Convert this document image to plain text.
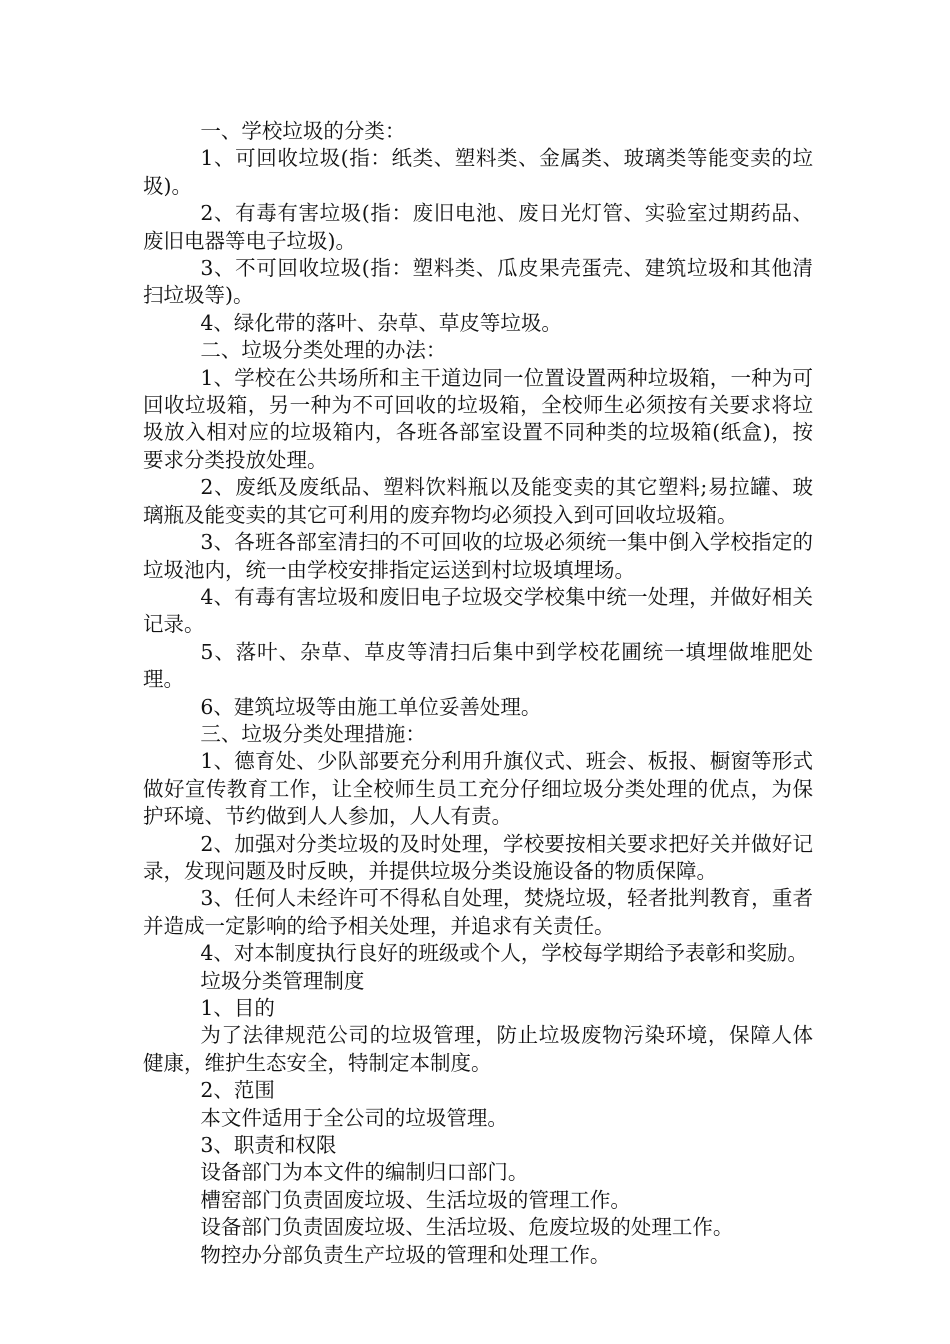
一、学校垃圾的分类：

1、可回收垃圾(指：纸类、塑料类、金属类、玻璃类等能变卖的垃圾)。

2、有毒有害垃圾(指：废旧电池、废日光灯管、实验室过期药品、废旧电器等电子垃圾)。

3、不可回收垃圾(指：塑料类、瓜皮果壳蛋壳、建筑垃圾和其他清扫垃圾等)。

4、绿化带的落叶、杂草、草皮等垃圾。

二、垃圾分类处理的办法：

1、学校在公共场所和主干道边同一位置设置两种垃圾箱，一种为可回收垃圾箱，另一种为不可回收的垃圾箱，全校师生必须按有关要求将垃圾放入相对应的垃圾箱内，各班各部室设置不同种类的垃圾箱(纸盒)，按要求分类投放处理。

2、废纸及废纸品、塑料饮料瓶以及能变卖的其它塑料;易拉罐、玻璃瓶及能变卖的其它可利用的废弃物均必须投入到可回收垃圾箱。

3、各班各部室清扫的不可回收的垃圾必须统一集中倒入学校指定的垃圾池内，统一由学校安排指定运送到村垃圾填埋场。

4、有毒有害垃圾和废旧电子垃圾交学校集中统一处理，并做好相关记录。

5、落叶、杂草、草皮等清扫后集中到学校花圃统一填埋做堆肥处理。

6、建筑垃圾等由施工单位妥善处理。

三、垃圾分类处理措施：

1、德育处、少队部要充分利用升旗仪式、班会、板报、橱窗等形式做好宣传教育工作，让全校师生员工充分仔细垃圾分类处理的优点，为保护环境、节约做到人人参加，人人有责。

2、加强对分类垃圾的及时处理，学校要按相关要求把好关并做好记录，发现问题及时反映，并提供垃圾分类设施设备的物质保障。

3、任何人未经许可不得私自处理，焚烧垃圾，轻者批判教育，重者并造成一定影响的给予相关处理，并追求有关责任。

4、对本制度执行良好的班级或个人，学校每学期给予表彰和奖励。

垃圾分类管理制度

1、目的

为了法律规范公司的垃圾管理，防止垃圾废物污染环境，保障人体健康，维护生态安全，特制定本制度。

2、范围

本文件适用于全公司的垃圾管理。

3、职责和权限

设备部门为本文件的编制归口部门。

槽窑部门负责固废垃圾、生活垃圾的管理工作。

设备部门负责固废垃圾、生活垃圾、危废垃圾的处理工作。

物控办分部负责生产垃圾的管理和处理工作。
